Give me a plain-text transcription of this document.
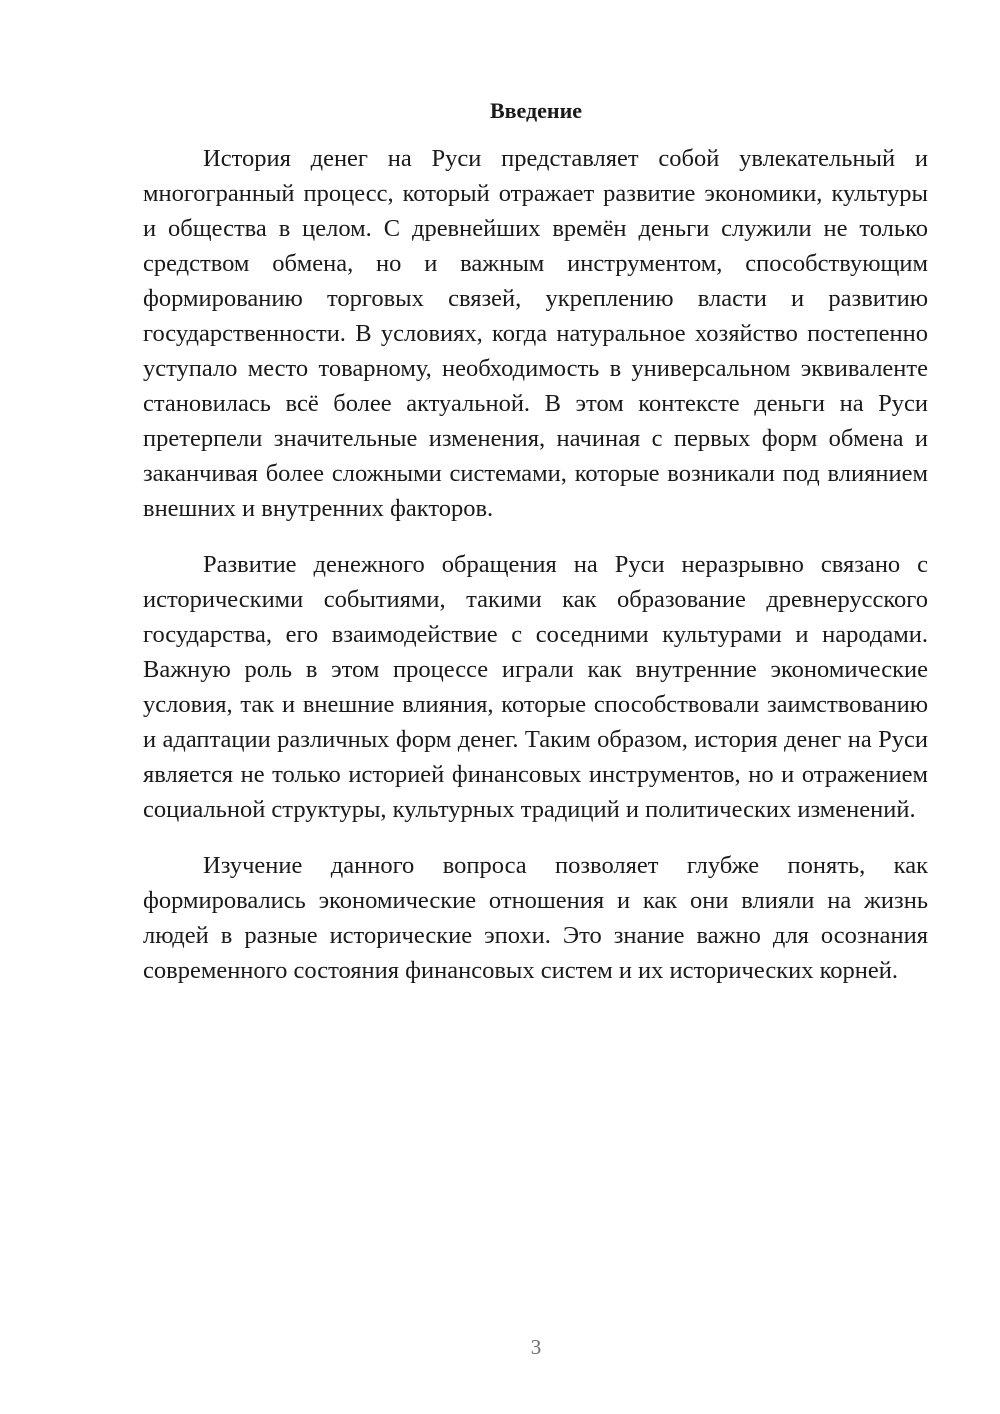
Введение

История денег на Руси представляет собой увлекательный и многогранный процесс, который отражает развитие экономики, культуры и общества в целом. С древнейших времён деньги служили не только средством обмена, но и важным инструментом, способствующим формированию торговых связей, укреплению власти и развитию государственности. В условиях, когда натуральное хозяйство постепенно уступало место товарному, необходимость в универсальном эквиваленте становилась всё более актуальной. В этом контексте деньги на Руси претерпели значительные изменения, начиная с первых форм обмена и заканчивая более сложными системами, которые возникали под влиянием внешних и внутренних факторов.

Развитие денежного обращения на Руси неразрывно связано с историческими событиями, такими как образование древнерусского государства, его взаимодействие с соседними культурами и народами. Важную роль в этом процессе играли как внутренние экономические условия, так и внешние влияния, которые способствовали заимствованию и адаптации различных форм денег. Таким образом, история денег на Руси является не только историей финансовых инструментов, но и отражением социальной структуры, культурных традиций и политических изменений.

Изучение данного вопроса позволяет глубже понять, как формировались экономические отношения и как они влияли на жизнь людей в разные исторические эпохи. Это знание важно для осознания современного состояния финансовых систем и их исторических корней.

3
